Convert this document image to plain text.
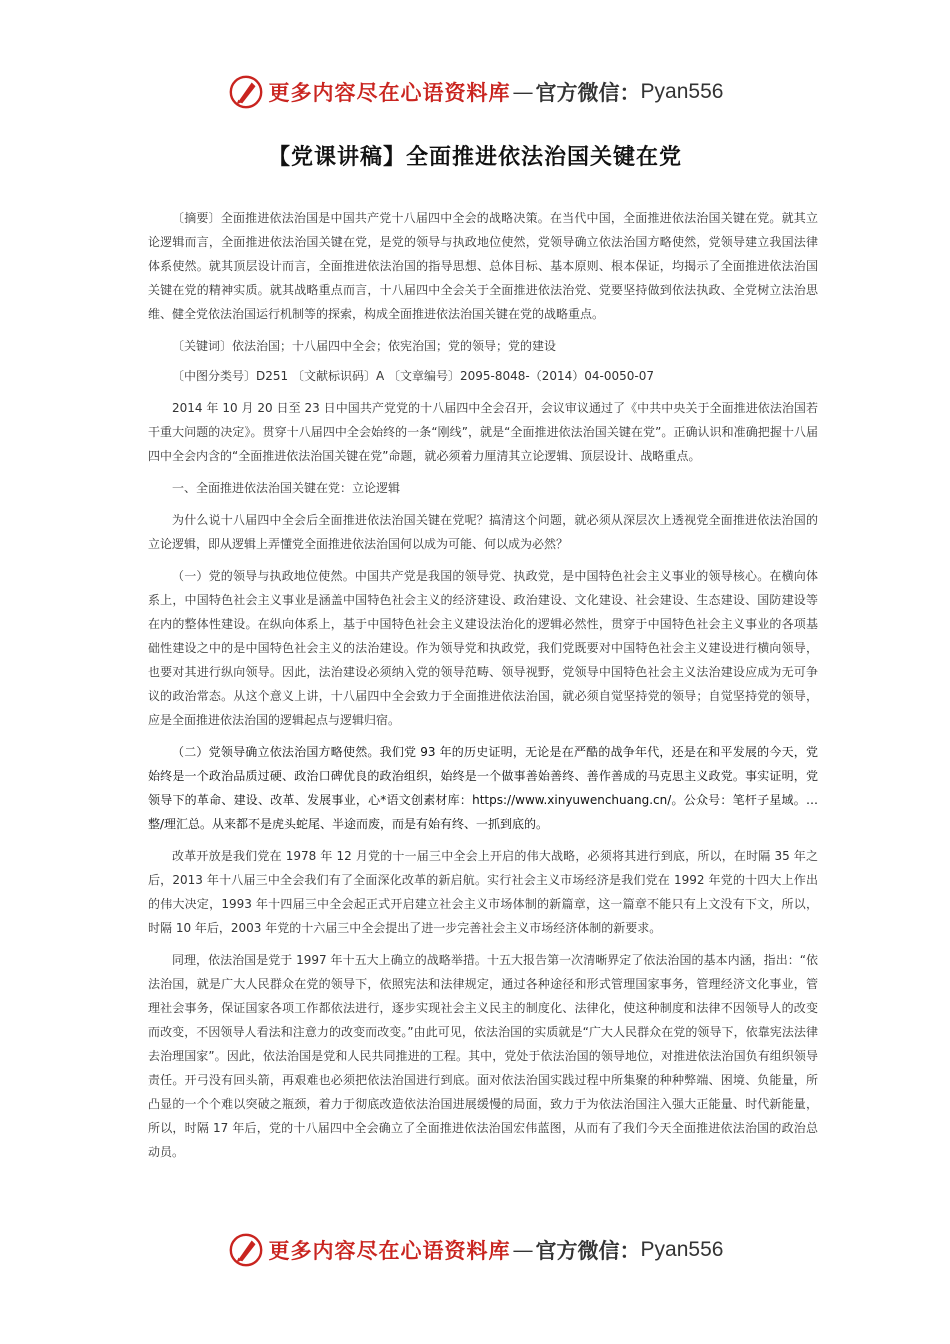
更多内容尽在心语资料库 — 官方微信： Pyan556
【党课讲稿】全面推进依法治国关键在党

〔摘要〕全面推进依法治国是中国共产党十八届四中全会的战略决策。在当代中国，全面推进依法治国关键在党。就其立论逻辑而言，全面推进依法治国关键在党，是党的领导与执政地位使然，党领导确立依法治国方略使然，党领导建立我国法律体系使然。就其顶层设计而言，全面推进依法治国的指导思想、总体目标、基本原则、根本保证，均揭示了全面推进依法治国关键在党的精神实质。就其战略重点而言，十八届四中全会关于全面推进依法治党、党要坚持做到依法执政、全党树立法治思维、健全党依法治国运行机制等的探索，构成全面推进依法治国关键在党的战略重点。

〔关键词〕依法治国；十八届四中全会；依宪治国；党的领导；党的建设

〔中图分类号〕D251 〔文献标识码〕A 〔文章编号〕2095-8048-（2014）04-0050-07

2014 年 10 月 20 日至 23 日中国共产党党的十八届四中全会召开，会议审议通过了《中共中央关于全面推进依法治国若干重大问题的决定》。贯穿十八届四中全会始终的一条“刚线”，就是“全面推进依法治国关键在党”。正确认识和准确把握十八届四中全会内含的“全面推进依法治国关键在党”命题，就必须着力厘清其立论逻辑、顶层设计、战略重点。

一、全面推进依法治国关键在党：立论逻辑

为什么说十八届四中全会后全面推进依法治国关键在党呢？搞清这个问题，就必须从深层次上透视党全面推进依法治国的立论逻辑，即从逻辑上弄懂党全面推进依法治国何以成为可能、何以成为必然？

（一）党的领导与执政地位使然。中国共产党是我国的领导党、执政党，是中国特色社会主义事业的领导核心。在横向体系上，中国特色社会主义事业是涵盖中国特色社会主义的经济建设、政治建设、文化建设、社会建设、生态建设、国防建设等在内的整体性建设。在纵向体系上，基于中国特色社会主义建设法治化的逻辑必然性，贯穿于中国特色社会主义事业的各项基础性建设之中的是中国特色社会主义的法治建设。作为领导党和执政党，我们党既要对中国特色社会主义建设进行横向领导，也要对其进行纵向领导。因此，法治建设必须纳入党的领导范畴、领导视野，党领导中国特色社会主义法治建设应成为无可争议的政治常态。从这个意义上讲，十八届四中全会致力于全面推进依法治国，就必须自觉坚持党的领导；自觉坚持党的领导，应是全面推进依法治国的逻辑起点与逻辑归宿。

（二）党领导确立依法治国方略使然。我们党 93 年的历史证明，无论是在严酷的战争年代，还是在和平发展的今天，党始终是一个政治品质过硬、政治口碑优良的政治组织，始终是一个做事善始善终、善作善成的马克思主义政党。事实证明，党领导下的革命、建设、改革、发展事业，心*语文创素材库：https://www.xinyuwenchuang.cn/。公众号：笔杆子星域。…整/理汇总。从来都不是虎头蛇尾、半途而废，而是有始有终、一抓到底的。

改革开放是我们党在 1978 年 12 月党的十一届三中全会上开启的伟大战略，必须将其进行到底，所以，在时隔 35 年之后，2013 年十八届三中全会我们有了全面深化改革的新启航。实行社会主义市场经济是我们党在 1992 年党的十四大上作出的伟大决定，1993 年十四届三中全会起正式开启建立社会主义市场体制的新篇章，这一篇章不能只有上文没有下文，所以，时隔 10 年后，2003 年党的十六届三中全会提出了进一步完善社会主义市场经济体制的新要求。

同理，依法治国是党于 1997 年十五大上确立的战略举措。十五大报告第一次清晰界定了依法治国的基本内涵，指出：“依法治国，就是广大人民群众在党的领导下，依照宪法和法律规定，通过各种途径和形式管理国家事务，管理经济文化事业，管理社会事务，保证国家各项工作都依法进行，逐步实现社会主义民主的制度化、法律化，使这种制度和法律不因领导人的改变而改变，不因领导人看法和注意力的改变而改变。”由此可见，依法治国的实质就是“广大人民群众在党的领导下，依靠宪法法律去治理国家”。因此，依法治国是党和人民共同推进的工程。其中，党处于依法治国的领导地位，对推进依法治国负有组织领导责任。开弓没有回头箭，再艰难也必须把依法治国进行到底。面对依法治国实践过程中所集聚的种种弊端、困境、负能量，所凸显的一个个难以突破之瓶颈，着力于彻底改造依法治国进展缓慢的局面，致力于为依法治国注入强大正能量、时代新能量，所以，时隔 17 年后，党的十八届四中全会确立了全面推进依法治国宏伟蓝图，从而有了我们今天全面推进依法治国的政治总动员。

更多内容尽在心语资料库 — 官方微信： Pyan556
